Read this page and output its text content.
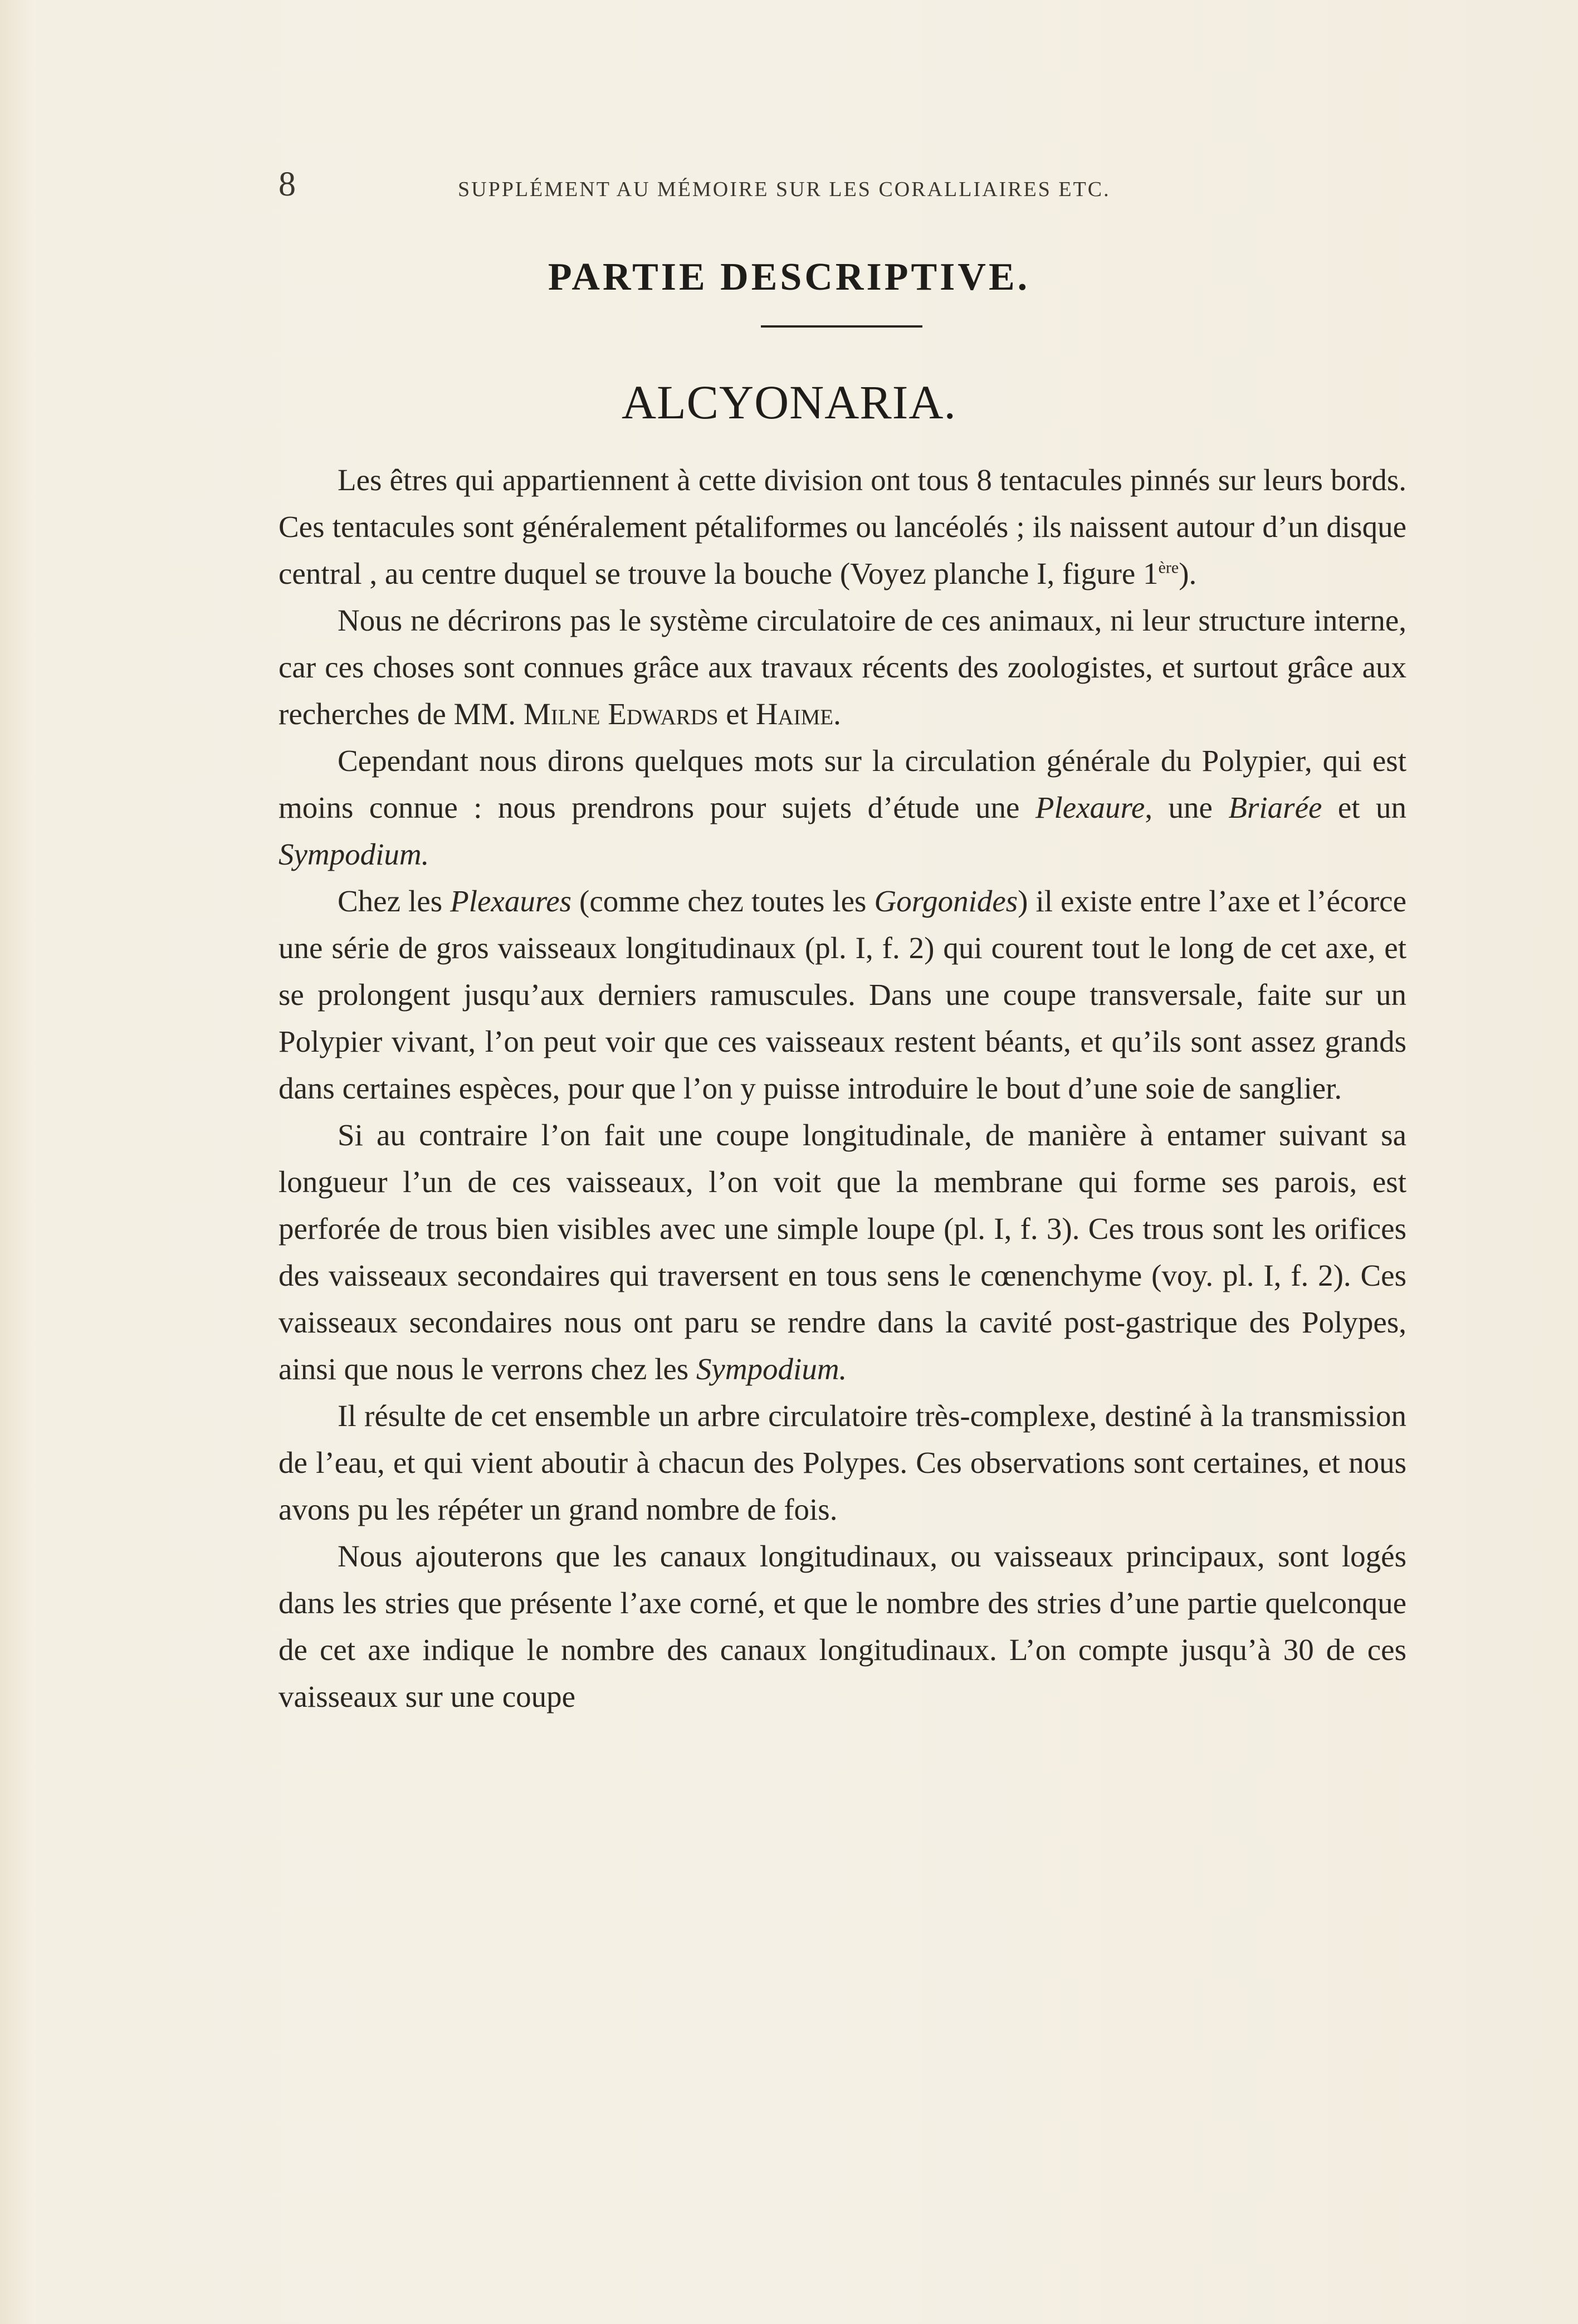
8	SUPPLÉMENT AU MÉMOIRE SUR LES CORALLIAIRES ETC.
PARTIE DESCRIPTIVE.
ALCYONARIA.

Les êtres qui appartiennent à cette division ont tous 8 tentacules pinnés sur leurs bords. Ces tentacules sont généralement pétaliformes ou lancéolés ; ils naissent autour d’un disque central , au centre duquel se trouve la bouche (Voyez planche I, figure 1ère).

Nous ne décrirons pas le système circulatoire de ces animaux, ni leur structure interne, car ces choses sont connues grâce aux travaux récents des zoologistes, et surtout grâce aux recherches de MM. Milne Edwards et Haime.

Cependant nous dirons quelques mots sur la circulation générale du Polypier, qui est moins connue : nous prendrons pour sujets d’étude une Plexaure, une Briarée et un Sympodium.

Chez les Plexaures (comme chez toutes les Gorgonides) il existe entre l’axe et l’écorce une série de gros vaisseaux longitudinaux (pl. I, f. 2) qui courent tout le long de cet axe, et se prolongent jusqu’aux derniers ramuscules. Dans une coupe transversale, faite sur un Polypier vivant, l’on peut voir que ces vaisseaux restent béants, et qu’ils sont assez grands dans certaines espèces, pour que l’on y puisse introduire le bout d’une soie de sanglier.

Si au contraire l’on fait une coupe longitudinale, de manière à entamer suivant sa longueur l’un de ces vaisseaux, l’on voit que la membrane qui forme ses parois, est perforée de trous bien visibles avec une simple loupe (pl. I, f. 3). Ces trous sont les orifices des vaisseaux secondaires qui traversent en tous sens le cœnenchyme (voy. pl. I, f. 2). Ces vaisseaux secondaires nous ont paru se rendre dans la cavité post-gastrique des Polypes, ainsi que nous le verrons chez les Sympodium.

Il résulte de cet ensemble un arbre circulatoire très-complexe, destiné à la transmission de l’eau, et qui vient aboutir à chacun des Polypes. Ces observations sont certaines, et nous avons pu les répéter un grand nombre de fois.

Nous ajouterons que les canaux longitudinaux, ou vaisseaux principaux, sont logés dans les stries que présente l’axe corné, et que le nombre des stries d’une partie quelconque de cet axe indique le nombre des canaux longitudinaux. L’on compte jusqu’à 30 de ces vaisseaux sur une coupe
